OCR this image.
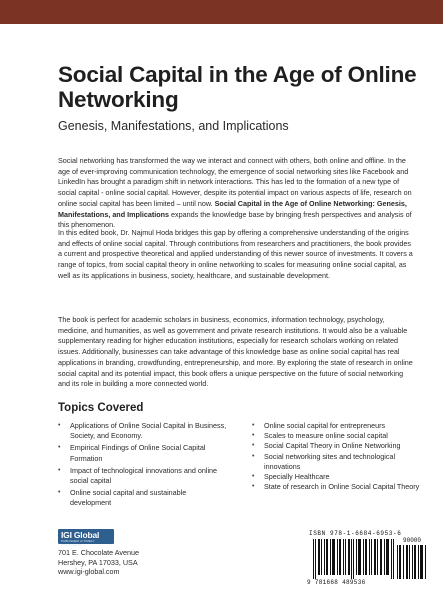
Social Capital in the Age of Online Networking
Genesis, Manifestations, and Implications

Social networking has transformed the way we interact and connect with others, both online and offline. In the age of ever-improving communication technology, the emergence of social networking sites like Facebook and LinkedIn has brought a paradigm shift in network interactions. This has led to the formation of a new type of social capital - online social capital. However, despite its potential impact on various aspects of life, research on online social capital has been limited – until now. Social Capital in the Age of Online Networking: Genesis, Manifestations, and Implications expands the knowledge base by bringing fresh perspectives and analysis of this phenomenon.

In this edited book, Dr. Najmul Hoda bridges this gap by offering a comprehensive understanding of the origins and effects of online social capital. Through contributions from researchers and practitioners, the book provides a current and prospective theoretical and applied understanding of this newer source of investments. It covers a range of topics, from social capital theory in online networking to scales for measuring online social capital, as well as its applications in business, society, healthcare, and sustainable development.

The book is perfect for academic scholars in business, economics, information technology, psychology, medicine, and humanities, as well as government and private research institutions. It would also be a valuable supplementary reading for higher education institutions, especially for research scholars working on related issues. Additionally, businesses can take advantage of this knowledge base as online social capital has real applications in branding, crowdfunding, entrepreneurship, and more. By exploring the state of research in online social capital and its potential impact, this book offers a unique perspective on the future of social networking and its role in building a more connected world.

Topics Covered
• Applications of Online Social Capital in Business, Society, and Economy.
• Empirical Findings of Online Social Capital Formation
• Impact of technological innovations and online social capital
• Online social capital and sustainable development
• Online social capital for entrepreneurs
• Scales to measure online social capital
• Social Capital Theory in Online Networking
• Social networking sites and technological innovations
• Specially Healthcare
• State of research in Online Social Capital Theory
IGI Global
PUBLISHER of TIMELY KNOWLEDGE
701 E. Chocolate Avenue
Hershey, PA 17033, USA
www.igi-global.com
ISBN 978-1-6684-6953-6
90000
9 781668 489536
